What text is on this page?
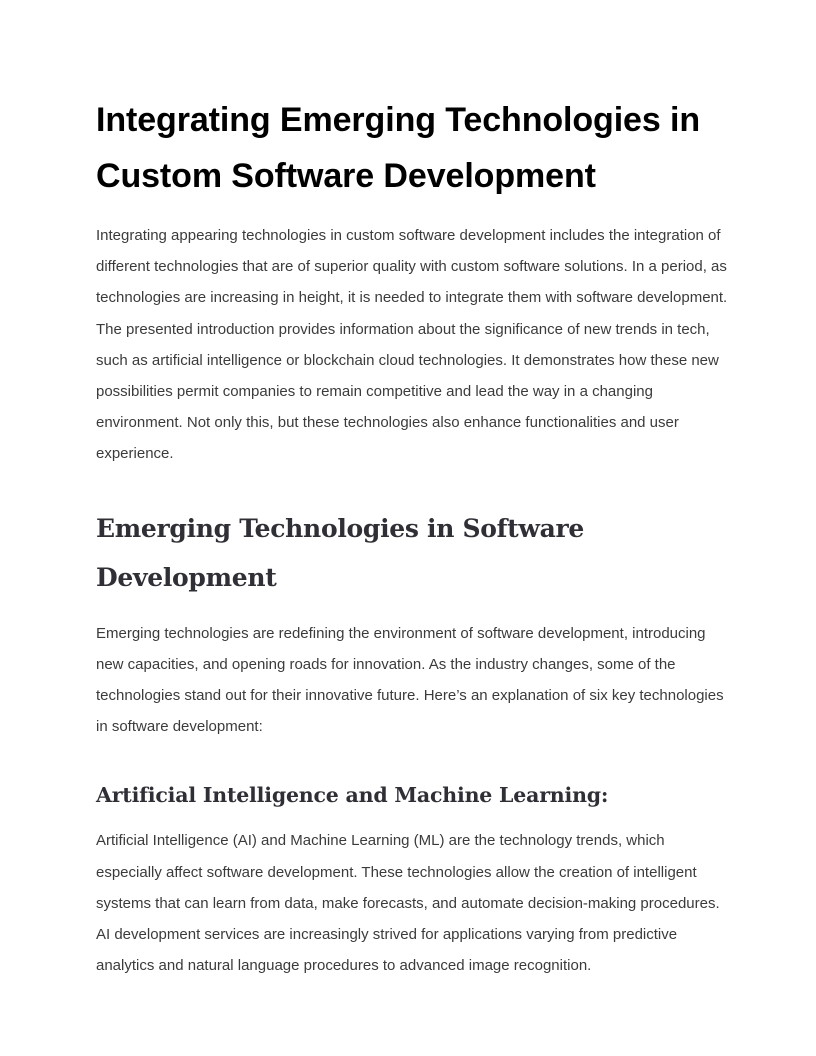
Integrating Emerging Technologies in Custom Software Development

Integrating appearing technologies in custom software development includes the integration of different technologies that are of superior quality with custom software solutions. In a period, as technologies are increasing in height, it is needed to integrate them with software development. The presented introduction provides information about the significance of new trends in tech, such as artificial intelligence or blockchain cloud technologies. It demonstrates how these new possibilities permit companies to remain competitive and lead the way in a changing environment. Not only this, but these technologies also enhance functionalities and user experience.

Emerging Technologies in Software Development

Emerging technologies are redefining the environment of software development, introducing new capacities, and opening roads for innovation. As the industry changes, some of the technologies stand out for their innovative future. Here’s an explanation of six key technologies in software development:

Artificial Intelligence and Machine Learning:

Artificial Intelligence (AI) and Machine Learning (ML) are the technology trends, which especially affect software development. These technologies allow the creation of intelligent systems that can learn from data, make forecasts, and automate decision-making procedures. AI development services are increasingly strived for applications varying from predictive analytics and natural language procedures to advanced image recognition.
